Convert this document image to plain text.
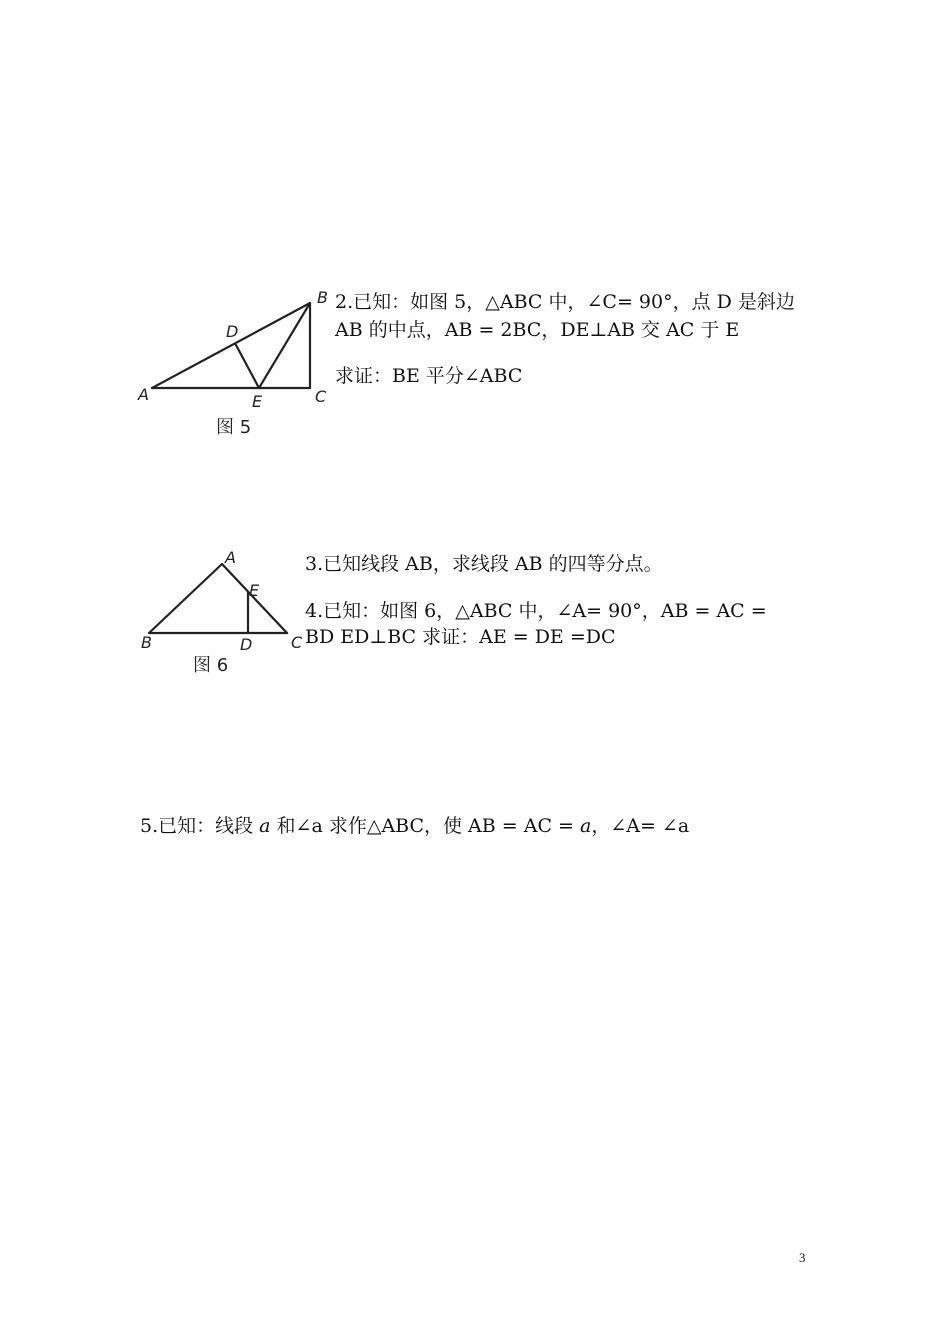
A
B
C
D
E
图 5
2.已知：如图 5，△ABC 中，∠C= 90°，点 D 是斜边
AB 的中点，AB = 2BC，DE⊥AB 交 AC 于 E
求证：BE 平分∠ABC
A
B	C
D
E
图 6
3.已知线段 AB，求线段 AB 的四等分点。
4.已知：如图 6，△ABC 中，∠A= 90°，AB = AC =
BD ED⊥BC 求证：AE = DE =DC
5.已知：线段 a 和∠a 求作△ABC，使 AB = AC = a，∠A= ∠a
3
